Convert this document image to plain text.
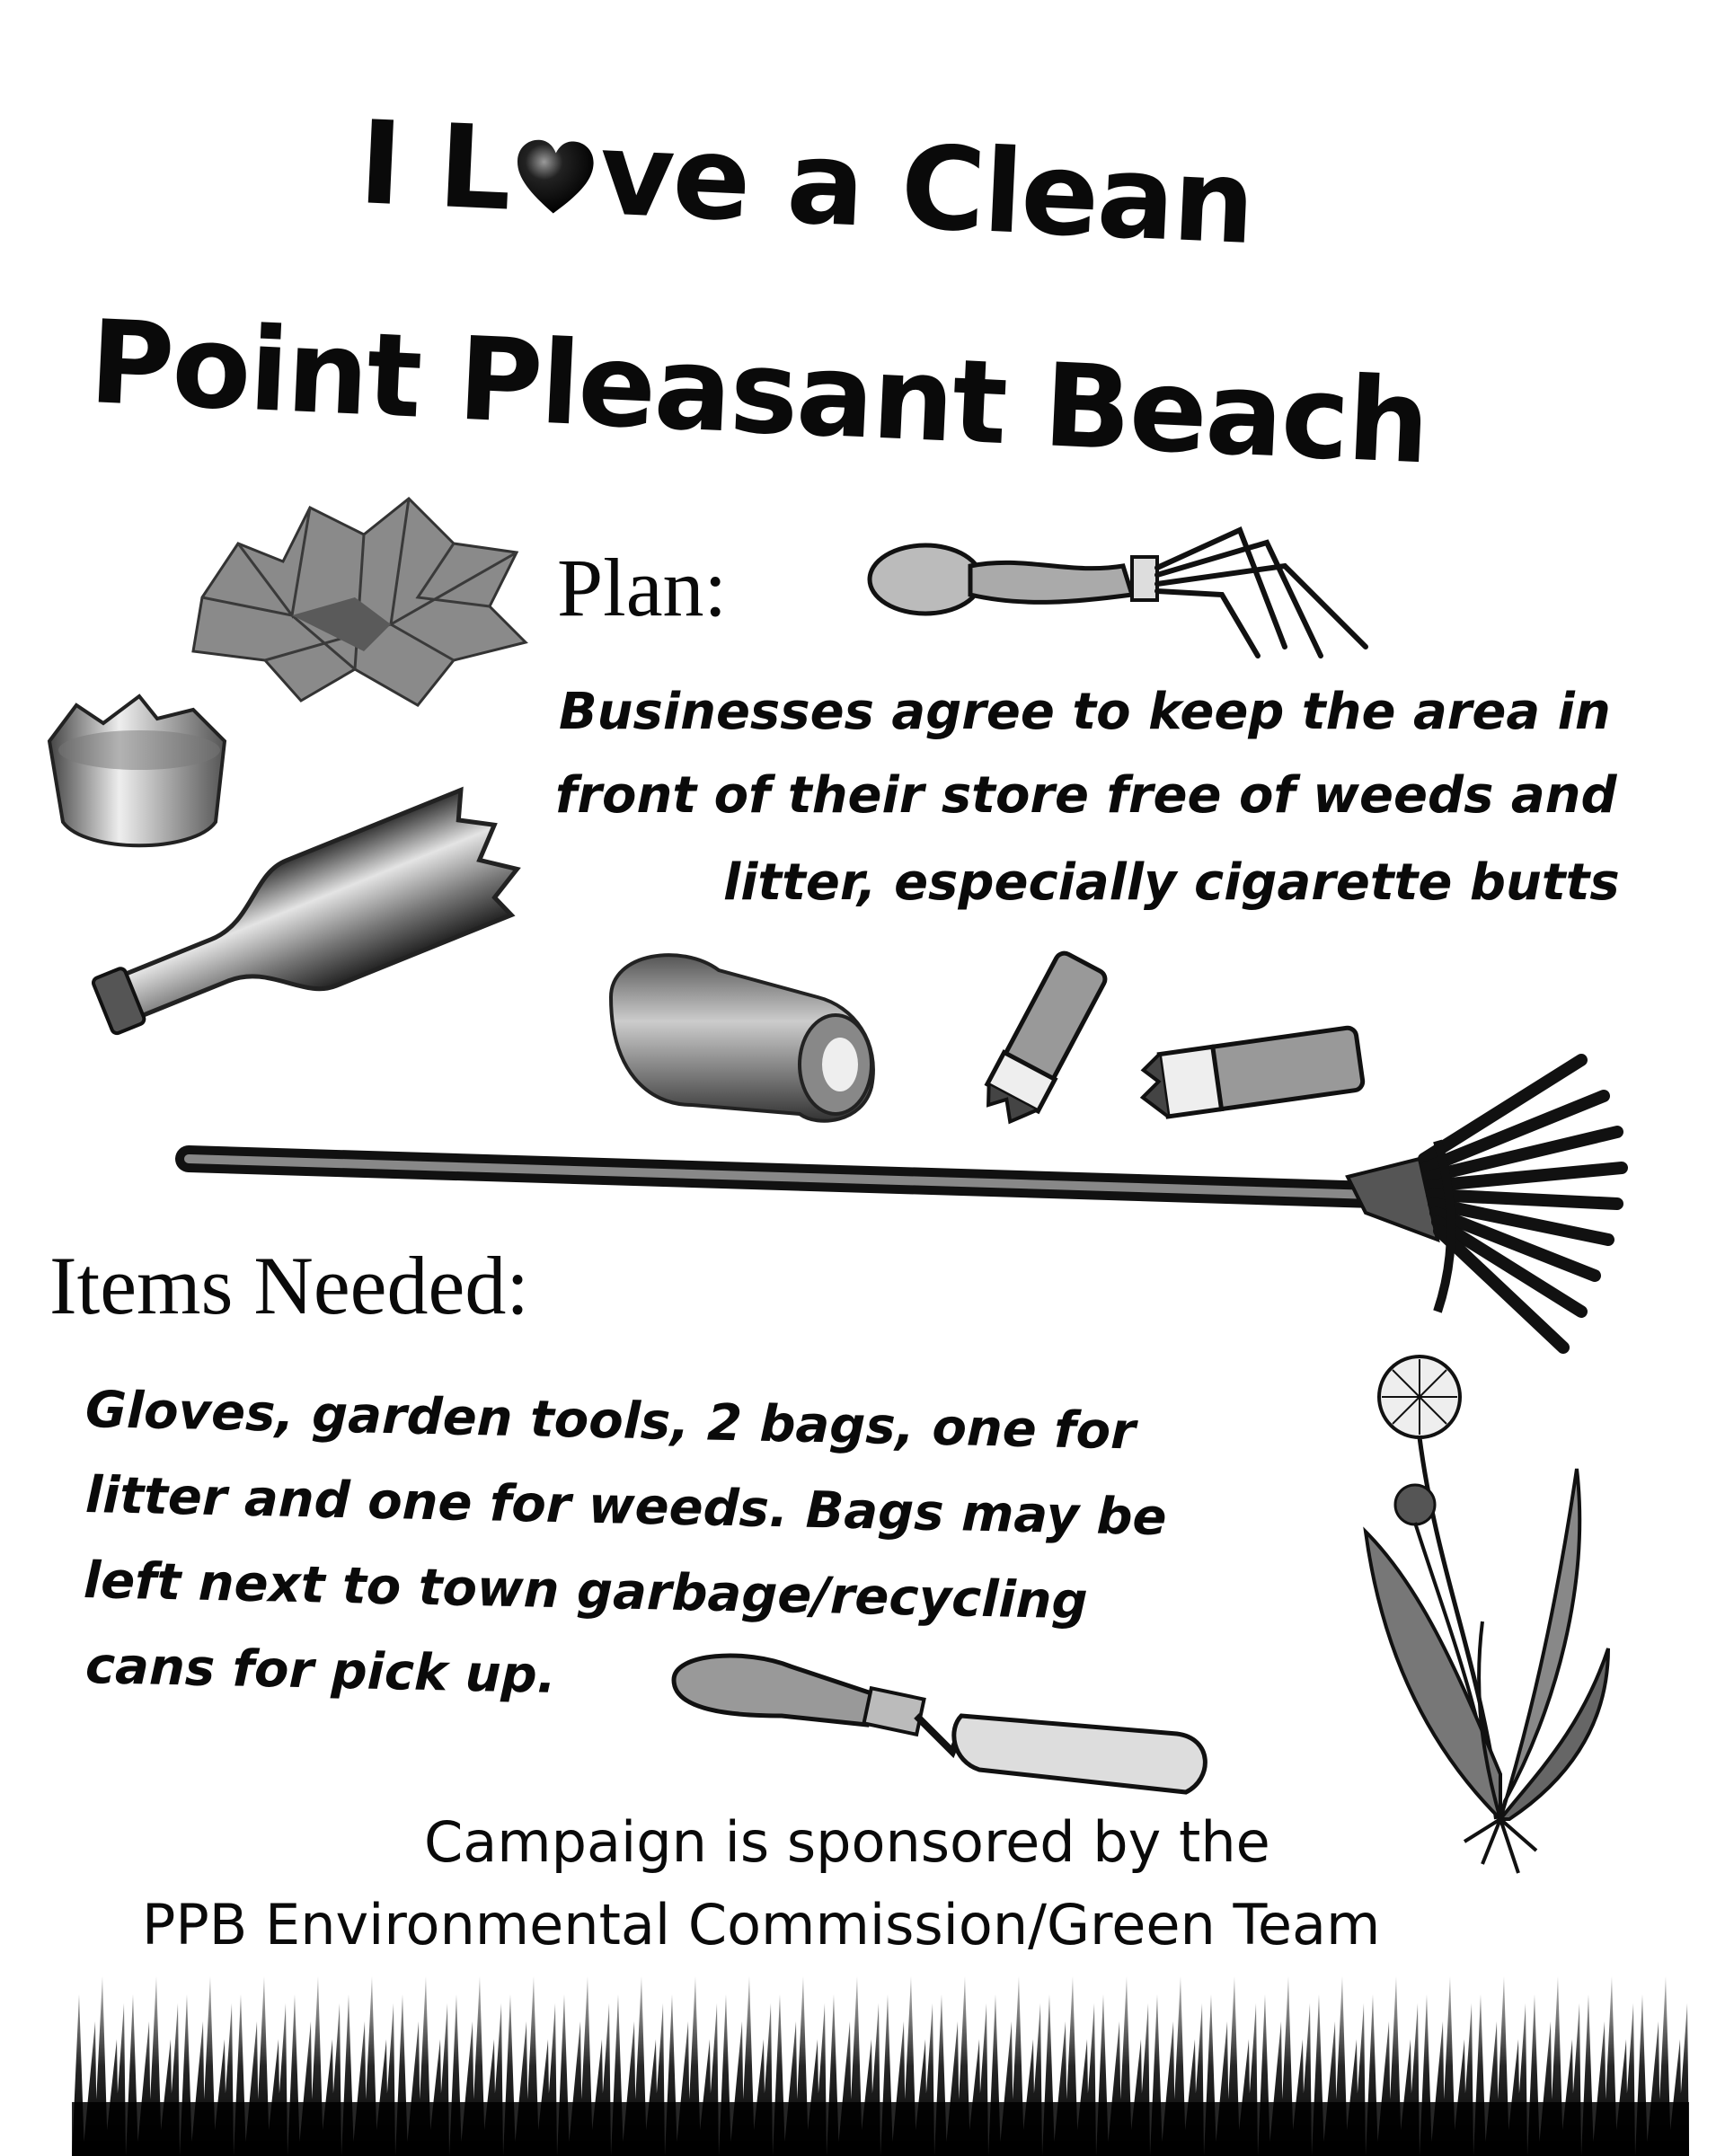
I L ve a Clean
Point Pleasant Beach
Plan:
Businesses agree to keep the area in
front of their store free of weeds and
litter, especially cigarette butts
Items Needed:
Gloves, garden tools, 2 bags, one for
litter and one for weeds. Bags may be
left next to town garbage/recycling
cans for pick up.
Campaign is sponsored by the
PPB Environmental Commission/Green Team
